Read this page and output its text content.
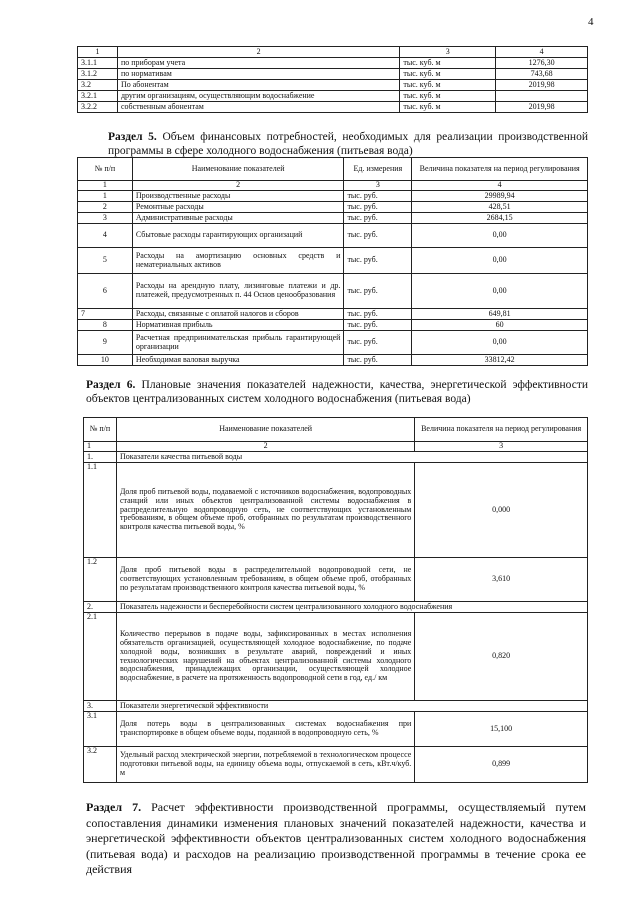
4
1	2	3	4
3.1.1	по приборам учета	тыс. куб. м	1276,30
3.1.2	по нормативам	тыс. куб. м	743,68
3.2	По абонентам	тыс. куб. м	2019,98
3.2.1	другим организациям, осуществляющим водоснабжение	тыс. куб. м	
3.2.2	собственным абонентам	тыс. куб. м	2019,98
Раздел 5. Объем финансовых потребностей, необходимых для реализации производственной программы в сфере холодного водоснабжения (питьевая вода)
№ п/п	Наименование показателей	Ед. измерения	Величина показателя на период регулирования
1	2	3	4
1	Производственные расходы	тыс. руб.	29989,94
2	Ремонтные расходы	тыс. руб.	428,51
3	Административные расходы	тыс. руб.	2684,15
4	Сбытовые расходы гарантирующих организаций	тыс. руб.	0,00
5	Расходы на амортизацию основных средств и нематериальных активов	тыс. руб.	0,00
6	Расходы на арендную плату, лизинговые платежи и др. платежей, предусмотренных п. 44 Основ ценообразования	тыс. руб.	0,00
7	Расходы, связанные с оплатой налогов и сборов	тыс. руб.	649,81
8	Нормативная прибыль	тыс. руб.	60
9	Расчетная предпринимательская прибыль гарантирующей организации	тыс. руб.	0,00
10	Необходимая валовая выручка	тыс. руб.	33812,42
Раздел 6. Плановые значения показателей надежности, качества, энергетической эффективности объектов централизованных систем холодного водоснабжения (питьевая вода)
№ п/п	Наименование показателей	Величина показателя на период регулирования
1	2	3
1.	Показатели качества питьевой воды	
1.1	Доля проб питьевой воды, подаваемой с источников водоснабжения, водопроводных станций или иных объектов централизованной системы водоснабжения в распределительную водопроводную сеть, не соответствующих установленным требованиям, в общем объеме проб, отобранных по результатам производственного контроля качества питьевой воды, %	0,000
1.2	Доля проб питьевой воды в распределительной водопроводной сети, не соответствующих установленным требованиям, в общем объеме проб, отобранных по результатам производственного контроля качества питьевой воды, %	3,610
2.	Показатель надежности и бесперебойности систем централизованного холодного водоснабжения	
2.1	Количество перерывов в подаче воды, зафиксированных в местах исполнения обязательств организацией, осуществляющей холодное водоснабжение, по подаче холодной воды, возникших в результате аварий, повреждений и иных технологических нарушений на объектах централизованной системы холодного водоснабжения, принадлежащих организации, осуществляющей холодное водоснабжение, в расчете на протяженность водопроводной сети в год, ед./ км	0,820
3.	Показатели энергетической эффективности	
3.1	Доля потерь воды в централизованных системах водоснабжения при транспортировке в общем объеме воды, поданной в водопроводную сеть, %	15,100
3.2	Удельный расход электрической энергии, потребляемой в технологическом процессе подготовки питьевой воды, на единицу объема воды, отпускаемой в сеть, кВт.ч/куб. м	0,899
Раздел 7. Расчет эффективности производственной программы, осуществляемый путем сопоставления динамики изменения плановых значений показателей надежности, качества и энергетической эффективности объектов централизованных систем холодного водоснабжения (питьевая вода) и расходов на реализацию производственной программы в течение срока ее действия
